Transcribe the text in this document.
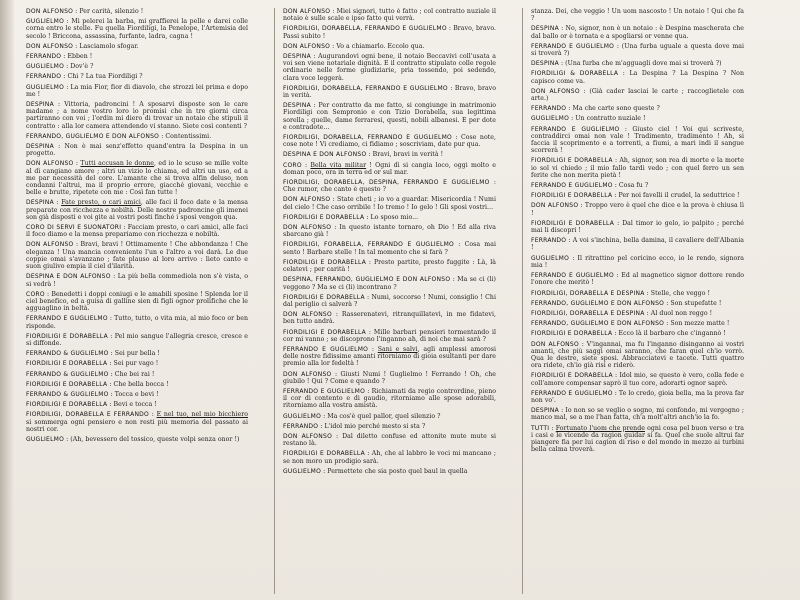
DON ALFONSO : Per carità, silenzio !

GUGLIELMO : Mi pelerei la barba, mi graffierei la pelle e darei colle corna entro le stelle. Fu quella Fiordiligi, la Penelope, l'Artemisia del secolo ! Briccona, assassina, furfante, ladra, cagna !

DON ALFONSO : Lasciamolo sfogar.

FERRANDO : Ebben !

GUGLIELMO : Dov'è ?

FERRANDO : Chi ? La tua Fiordiligi ?

GUGLIELMO : La mia Fior, fior di diavolo, che strozzi lei prima e dopo me !

DESPINA : Vittoria, padroncini ! A sposarvi disposte son le care madame ; a nome vostro loro io promisi che in tre giorni circa partiranno con voi ; l'ordin mi diero di trovar un notaio che stipuli il contratto : alla lor camera attendendo vi stanno. Siete così contenti ?

FERRANDO, GUGLIELMO E DON ALFONSO : Contentissimi.

DESPINA : Non è mai senz'effetto quand'entra la Despina in un progetto.

DON ALFONSO : Tutti accusan le donne, ed io le scuso se mille volte al dì cangiano amore ; altri un vizio lo chiama, ed altri un uso, ed a me par necessità del core. L'amante che si trova alfin deluso, non condanni l'altrui, ma il proprio errore, giacché giovani, vecchie e belle e brutte, ripetete con me : Così fan tutte !

DESPINA : Fate presto, o cari amici, alle faci il foco date e la mensa preparate con ricchezza e nobiltà. Delle nostre padroncine gli imenei son già disposti e voi gite ai vostri posti finché i sposi vengon qua.

CORO DI SERVI E SUONATORI : Facciam presto, o cari amici, alle faci il foco diamo e la mensa prepariamo con ricchezza e nobiltà.

DON ALFONSO : Bravi, bravi ! Ottimamente ! Che abbondanza ! Che eleganza ! Una mancia conveniente l'un e l'altro a voi darà. Le due coppie omai s'avanzano ; fate plauso al loro arrivo : lieto canto e suon giulivo empia il ciel d'ilarità.

DESPINA E DON ALFONSO : La più bella commediola non s'è vista, o si vedrà !

CORO : Benedetti i doppi coniugi e le amabili sposine ! Splenda lor il ciel benefico, ed a guisa di galline sien di figli ognor prolifiche che le agguaglino in beltà.

FERRANDO E GUGLIELMO : Tutto, tutto, o vita mia, al mio foco or ben risponde.

FIORDILIGI E DORABELLA : Pel mio sangue l'allegria cresce, cresce e si diffonde.

FERRANDO & GUGLIELMO : Sei pur bella !

FIORDILIGI E DORABELLA : Sei pur vago !

FERRANDO & GUGLIELMO : Che bei rai !

FIORDILIGI E DORABELLA : Che bella bocca !

FERRANDO & GUGLIELMO : Tocca e bevi !

FIORDILIGI E DORABELLA : Bevi e tocca !

FIORDILIGI, DORABELLA E FERRANDO : E nel tuo, nel mio bicchiero si sommerga ogni pensiero e non resti più memoria del passato ai nostri cor.

GUGLIELMO : (Ah, bevessero del tossico, queste volpi senza onor !)

DON ALFONSO : Miei signori, tutto è fatto ; col contratto nuziale il notaio è sulle scale e ipso fatto qui verrà.

FIORDILIGI, DORABELLA, FERRANDO E GUGLIELMO : Bravo, bravo. Passi subito !

DON ALFONSO : Vo a chiamarlo. Eccolo qua.

DESPINA : Augurandovi ogni bene, il notaio Beccavivi coll'usata a voi sen viene notariale dignità. E il contratto stipulato colle regole ordinarie nelle forme giudiziarie, pria tossendo, poi sedendo, clara voce leggerà.

FIORDILIGI, DORABELLA, FERRANDO E GUGLIELMO : Bravo, bravo in verità.

DESPINA : Per contratto da me fatto, si congiunge in matrimonio Fiordiligi con Sempronio e con Tizio Dorabella, sua legittima sorella ; quelle, dame ferraresi, questi, nobili albanesi. E per dote e contradote...

FIORDILIGI, DORABELLA, FERRANDO E GUGLIELMO : Cose note, cose note ! Vi crediamo, ci fidiamo ; soscriviam, date pur qua.

DESPINA E DON ALFONSO : Bravi, bravi in verità !

CORO : Bella vita militar ! Ogni dì si cangia loco, oggi molto e doman poco, ora in terra ed or sul mar.

FIORDILIGI, DORABELLA, DESPINA, FERRANDO E GUGLIELMO : Che rumor, che canto è questo ?

DON ALFONSO : State cheti ; io vo a guardar. Misericordia ! Numi del cielo ! Che caso orribile ! Io tremo ! Io gelo ! Gli sposi vostri...

FIORDILIGI E DORABELLA : Lo sposo mio...

DON ALFONSO : In questo istante tornaro, oh Dio ! Ed alla riva sbarcano già !

FIORDILIGI, FORABELLA, FERRANDO E GUGLIELMO : Cosa mai sento ! Barbare stelle ! In tal momento che si farà ?

FIORDILIGI E DORABELLA : Presto partite, presto fuggite : Là, là celatevi ; per carità !

DESPINA, FERRANDO, GUGLIELMO E DON ALFONSO : Ma se ci (li) veggono ? Ma se ci (li) incontrano ?

FIORDILIGI E DORABELLA : Numi, soccorso ! Numi, consiglio ! Chi dal periglio ci salverà ?

DON ALFONSO : Rasserenatevi, ritranquillatevi, in me fidatevi, ben tutto andrà.

FIORDILIGI E DORABELLA : Mille barbari pensieri tormentando il cor mi vanno ; se discoprono l'inganno ah, di noi che mai sarà ?

FERRANDO E GUGLIELMO : Sani e salvi, agli amplessi amorosi delle nostre fidissime amanti ritorniamo di gioia esultanti per dare premio alla lor fedeltà !

DON ALFONSO : Giusti Numi ! Guglielmo ! Ferrando ! Oh, che giubilo ! Qui ? Come e quando ?

FERRANDO E GUGLIELMO : Richiamati da regio contrordine, pieno il cor di contento e di gaudio, ritorniamo alle spose adorabili, ritorniamo alla vostra amistà.

GUGLIELMO : Ma cos'è quel pallor, quel silenzio ?

FERRANDO : L'idol mio perché mesto si sta ?

DON ALFONSO : Dal diletto confuse ed attonite mute mute si restano là.

FIORDILIGI E DORABELLA : Ah, che al labbro le voci mi mancano ; se non moro un prodigio sarà.

GUGLIELMO : Permettete che sia posto quel baul in quella

stanza. Dei, che veggio ! Un uom nascosto ! Un notaio ! Qui che fa ?

DESPINA : No, signor, non è un notaio : è Despina mascherata che dal ballo or è tornata e a spogliarsi or venne qua.

FERRANDO E GUGLIELMO : (Una furba uguale a questa dove mai si troverà ?)

DESPINA : (Una furba che m'agguagli dove mai si troverà ?)

FIORDILIGI & DORABELLA : La Despina ? La Despina ? Non capisco come va.

DON ALFONSO : (Già cader lasciai le carte ; raccoglietele con arte.)

FERRANDO : Ma che carte sono queste ?

GUGLIELMO : Un contratto nuziale !

FERRANDO E GUGLIELMO : Giusto ciel ! Voi qui scriveste, contraddirci omai non vale ! Tradimento, tradimento ! Ah, si faccia il scoprimento e a torrenti, a fiumi, a mari indi il sangue scorrerà !

FIORDILIGI E DORABELLA : Ah, signor, son rea di morte e la morte io sol vi chiedo ; il mio fallo tardi vedo ; con quel ferro un sen ferite che non merita pietà !

FERRANDO E GUGLIELMO : Cosa fu ?

FIORDILIGI E DORABELLA : Per noi favelli il crudel, la seduttrice !

DON ALFONSO : Troppo vero è quel che dice e la prova è chiusa lì !

FIORDILIGI E DORABELLA : Dal timor io gelo, io palpito ; perché mai li discopri !

FERRANDO : A voi s'inchina, bella damina, il cavaliere dell'Albania !

GUGLIELMO : Il ritrattino pel coricino ecco, io le rendo, signora mia !

FERRANDO E GUGLIELMO : Ed al magnetico signor dottore rendo l'onore che meritò !

FIORDILIGI, DORABELLA E DESPINA : Stelle, che veggo !

FERRANDO, GUGLIELMO E DON ALFONSO : Son stupefatte !

FIORDILIGI, DORABELLA E DESPINA : Al duol non reggo !

FERRANDO, GUGLIELMO E DON ALFONSO : Son mezze matte !

FIORDILIGI E DORABELLA : Ecco là il barbaro che c'ingannò !

DON ALFONSO : V'ingannai, ma fu l'inganno disinganno ai vostri amanti, che più saggi omai saranno, che faran quel ch'io vorrò. Qua le destre, siete sposi. Abbracciatevi e tacete. Tutti quattro ora ridete, ch'io già risi e riderò.

FIORDILIGI E DORABELLA : Idol mio, se questo è vero, colla fede e coll'amore compensar saprò il tuo core, adorarti ognor saprò.

FERRANDO E GUGLIELMO : Te lo credo, gioia bella, ma la prova far non vo'.

DESPINA : Io non so se veglio o sogno, mi confondo, mi vergogno ; manco mal, se a me l'han fatta, ch'a molt'altri anch'io la fo.

TUTTI : Fortunato l'uom che prende ogni cosa pel buon verso e tra i casi e le vicende da ragion guidar si fa. Quel che suole altrui far piangere fia per lui cagion di riso e del mondo in mezzo ai turbini bella calma troverà.
